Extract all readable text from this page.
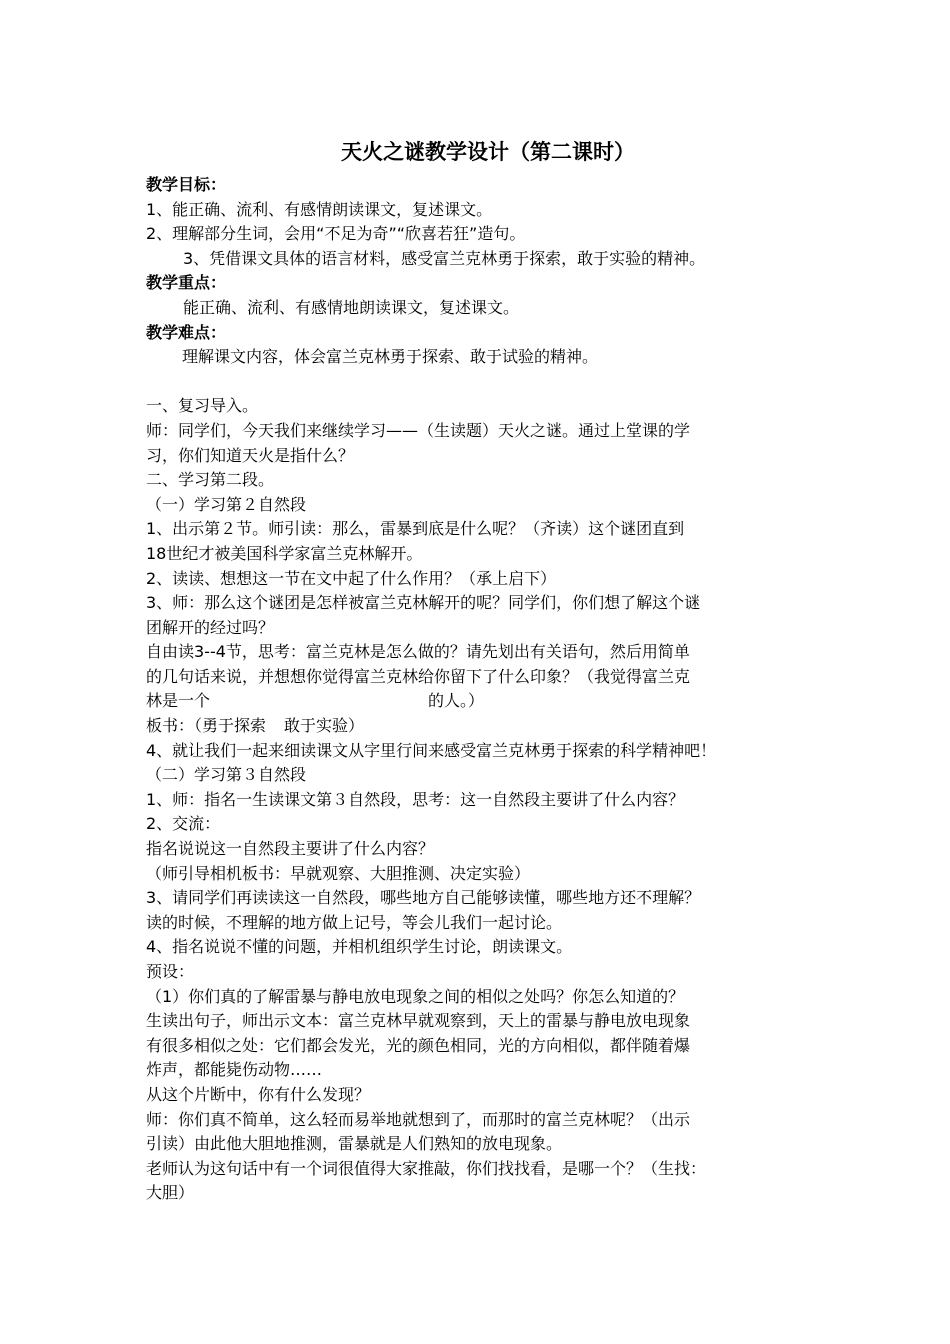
天火之谜教学设计（第二课时）
教学目标：
1、能正确、流利、有感情朗读课文，复述课文。
2、理解部分生词，会用“不足为奇”“欣喜若狂”造句。
3、凭借课文具体的语言材料，感受富兰克林勇于探索，敢于实验的精神。
教学重点：
能正确、流利、有感情地朗读课文，复述课文。
教学难点：
理解课文内容，体会富兰克林勇于探索、敢于试验的精神。
一、复习导入。
师：同学们，今天我们来继续学习——（生读题）天火之谜。通过上堂课的学
习，你们知道天火是指什么？
二、学习第二段。
（一）学习第２自然段
1、出示第２节。师引读：那么，雷暴到底是什么呢？（齐读）这个谜团直到
18世纪才被美国科学家富兰克林解开。
2、读读、想想这一节在文中起了什么作用？（承上启下）
3、师：那么这个谜团是怎样被富兰克林解开的呢？同学们，你们想了解这个谜
团解开的经过吗？
自由读3--4节，思考：富兰克林是怎么做的？请先划出有关语句，然后用简单
的几句话来说，并想想你觉得富兰克林给你留下了什么印象？（我觉得富兰克
林是一个	的人。）
板书：（勇于探索 敢于实验）
4、就让我们一起来细读课文从字里行间来感受富兰克林勇于探索的科学精神吧！
（二）学习第３自然段
1、师：指名一生读课文第３自然段，思考：这一自然段主要讲了什么内容？
2、交流：
指名说说这一自然段主要讲了什么内容？
（师引导相机板书：早就观察、大胆推测、决定实验）
3、请同学们再读读这一自然段，哪些地方自己能够读懂，哪些地方还不理解？
读的时候，不理解的地方做上记号，等会儿我们一起讨论。
4、指名说说不懂的问题，并相机组织学生讨论，朗读课文。
预设：
（1）你们真的了解雷暴与静电放电现象之间的相似之处吗？你怎么知道的？
生读出句子，师出示文本：富兰克林早就观察到，天上的雷暴与静电放电现象
有很多相似之处：它们都会发光，光的颜色相同，光的方向相似，都伴随着爆
炸声，都能毙伤动物……
从这个片断中，你有什么发现？
师：你们真不简单，这么轻而易举地就想到了，而那时的富兰克林呢？（出示
引读）由此他大胆地推测，雷暴就是人们熟知的放电现象。
老师认为这句话中有一个词很值得大家推敲，你们找找看，是哪一个？（生找：
大胆）
